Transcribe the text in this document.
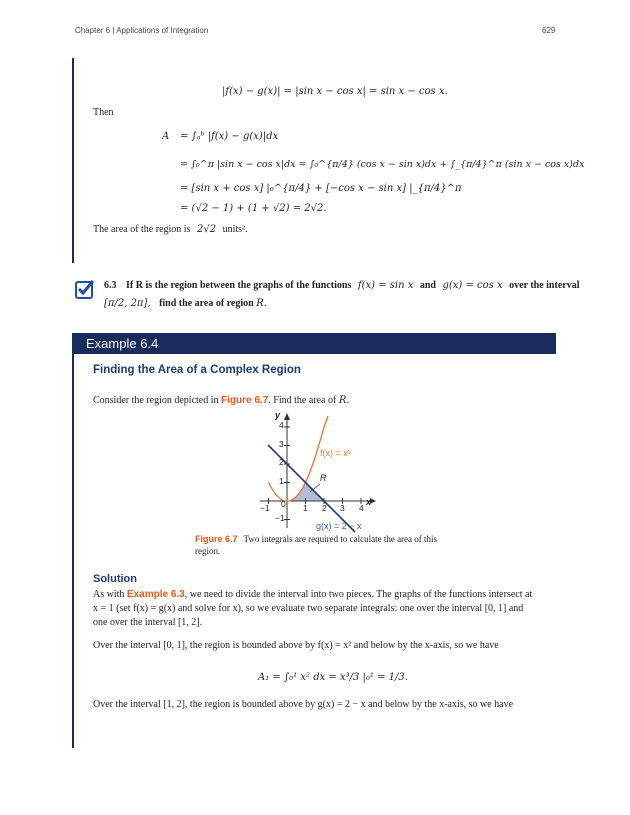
Chapter 6 | Applications of Integration	629
|f(x) − g(x)| = |sin x − cos x| = sin x − cos x.
Then
A = ∫ₐᵇ |f(x) − g(x)|dx
= ∫₀^π |sin x − cos x|dx = ∫₀^{π/4} (cos x − sin x)dx + ∫_{π/4}^π (sin x − cos x)dx
= [sin x + cos x] |₀^{π/4} + [−cos x − sin x] |_{π/4}^π
= (√2 − 1) + (1 + √2) = 2√2.
The area of the region is 2√2 units².
6.3 If R is the region between the graphs of the functions f(x) = sin x and g(x) = cos x over the interval
[π/2, 2π], find the area of region R.
Example 6.4
Finding the Area of a Complex Region
Consider the region depicted in Figure 6.7. Find the area of R.
y
x
4
3
2
1
−1
−1 0 1 2 3 4
f(x) = x²
R
g(x) = 2 − x
Figure 6.7 Two integrals are required to calculate the area of this region.
Solution
As with Example 6.3, we need to divide the interval into two pieces. The graphs of the functions intersect at
x = 1 (set f(x) = g(x) and solve for x), so we evaluate two separate integrals: one over the interval [0, 1] and
one over the interval [1, 2].
Over the interval [0, 1], the region is bounded above by f(x) = x² and below by the x-axis, so we have
A₁ = ∫₀¹ x² dx = x³/3 |₀¹ = 1/3.
Over the interval [1, 2], the region is bounded above by g(x) = 2 − x and below by the x-axis, so we have
